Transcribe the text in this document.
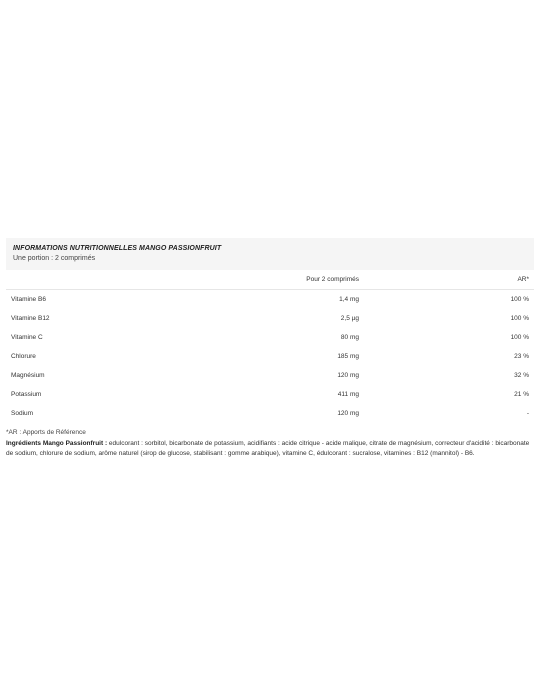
INFORMATIONS NUTRITIONNELLES MANGO PASSIONFRUIT
Une portion : 2 comprimés
	Pour 2 comprimés	AR*
Vitamine B6	1,4 mg	100 %
Vitamine B12	2,5 µg	100 %
Vitamine C	80 mg	100 %
Chlorure	185 mg	23 %
Magnésium	120 mg	32 %
Potassium	411 mg	21 %
Sodium	120 mg	-
*AR : Apports de Référence
Ingrédients Mango Passionfruit : edulcorant : sorbitol, bicarbonate de potassium, acidifiants : acide citrique - acide malique, citrate de magnésium, correcteur d'acidité : bicarbonate de sodium, chlorure de sodium, arôme naturel (sirop de glucose, stabilisant : gomme arabique), vitamine C, édulcorant : sucralose, vitamines : B12 (mannitol) - B6.
